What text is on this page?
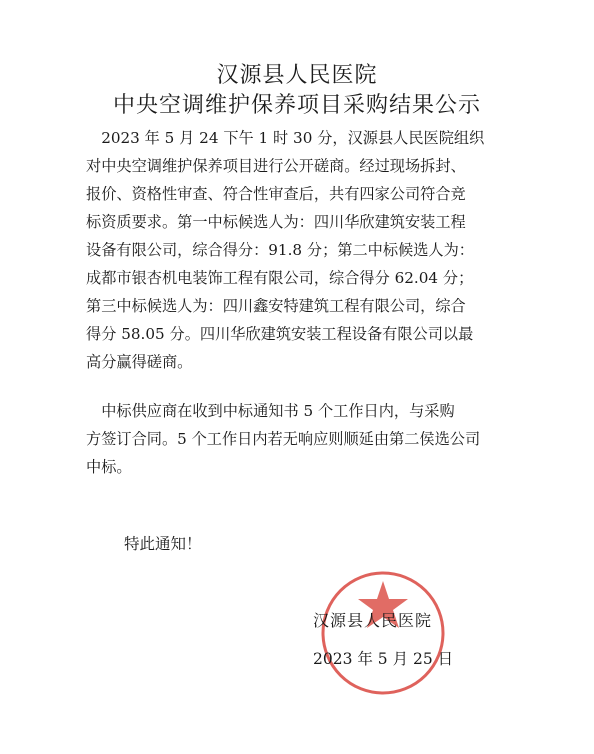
汉源县人民医院
中央空调维护保养项目采购结果公示
　2023 年 5 月 24 下午 1 时 30 分，汉源县人民医院组织
对中央空调维护保养项目进行公开磋商。经过现场拆封、
报价、资格性审查、符合性审查后，共有四家公司符合竞
标资质要求。第一中标候选人为：四川华欣建筑安装工程
设备有限公司，综合得分：91.8 分；第二中标候选人为：
成都市银杏机电装饰工程有限公司，综合得分 62.04 分；
第三中标候选人为：四川鑫安特建筑工程有限公司，综合
得分 58.05 分。四川华欣建筑安装工程设备有限公司以最
高分赢得磋商。
　中标供应商在收到中标通知书 5 个工作日内，与采购
方签订合同。5 个工作日内若无响应则顺延由第二侯选公司
中标。
特此通知！
汉源县人民医院
2023 年 5 月 25 日
